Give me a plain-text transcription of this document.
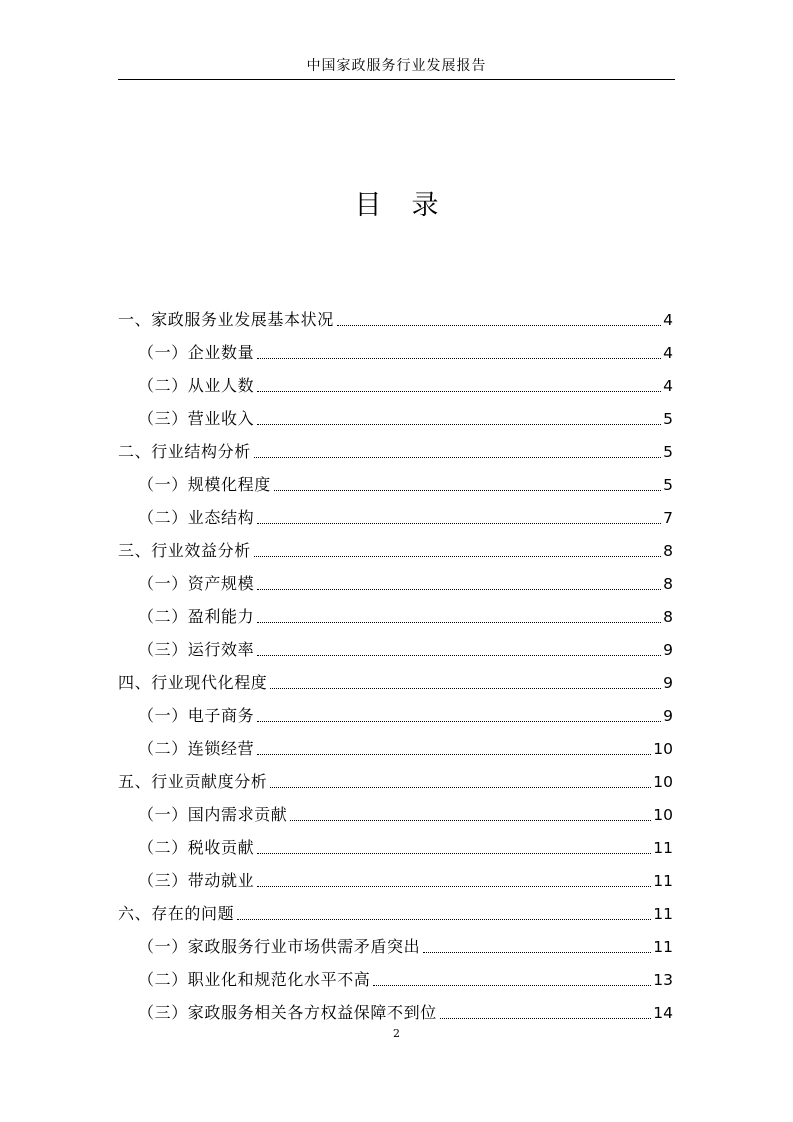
中国家政服务行业发展报告
目录
一、家政服务业发展基本状况	4
（一）企业数量	4
（二）从业人数	4
（三）营业收入	5
二、行业结构分析	5
（一）规模化程度	5
（二）业态结构	7
三、行业效益分析	8
（一）资产规模	8
（二）盈利能力	8
（三）运行效率	9
四、行业现代化程度	9
（一）电子商务	9
（二）连锁经营	10
五、行业贡献度分析	10
（一）国内需求贡献	10
（二）税收贡献	11
（三）带动就业	11
六、存在的问题	11
（一）家政服务行业市场供需矛盾突出	11
（二）职业化和规范化水平不高	13
（三）家政服务相关各方权益保障不到位	14
2
